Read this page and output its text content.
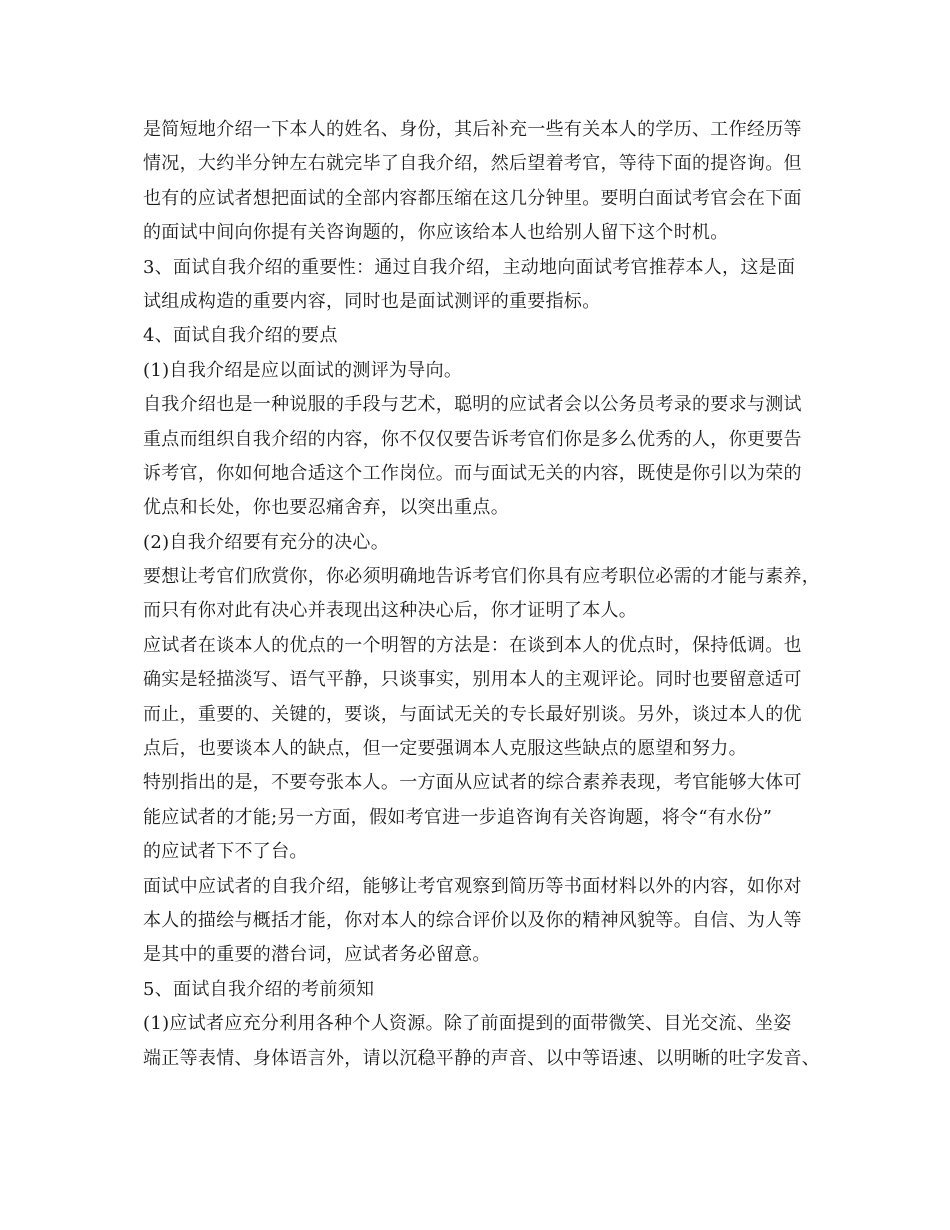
是简短地介绍一下本人的姓名、身份，其后补充一些有关本人的学历、工作经历等
情况，大约半分钟左右就完毕了自我介绍，然后望着考官，等待下面的提咨询。但
也有的应试者想把面试的全部内容都压缩在这几分钟里。要明白面试考官会在下面
的面试中间向你提有关咨询题的，你应该给本人也给别人留下这个时机。
3、面试自我介绍的重要性：通过自我介绍，主动地向面试考官推荐本人，这是面
试组成构造的重要内容，同时也是面试测评的重要指标。
4、面试自我介绍的要点
(1)自我介绍是应以面试的测评为导向。
自我介绍也是一种说服的手段与艺术，聪明的应试者会以公务员考录的要求与测试
重点而组织自我介绍的内容，你不仅仅要告诉考官们你是多么优秀的人，你更要告
诉考官，你如何地合适这个工作岗位。而与面试无关的内容，既使是你引以为荣的
优点和长处，你也要忍痛舍弃，以突出重点。
(2)自我介绍要有充分的决心。
要想让考官们欣赏你，你必须明确地告诉考官们你具有应考职位必需的才能与素养，
而只有你对此有决心并表现出这种决心后，你才证明了本人。
应试者在谈本人的优点的一个明智的方法是：在谈到本人的优点时，保持低调。也
确实是轻描淡写、语气平静，只谈事实，别用本人的主观评论。同时也要留意适可
而止，重要的、关键的，要谈，与面试无关的专长最好别谈。另外，谈过本人的优
点后，也要谈本人的缺点，但一定要强调本人克服这些缺点的愿望和努力。
特别指出的是，不要夸张本人。一方面从应试者的综合素养表现，考官能够大体可
能应试者的才能;另一方面，假如考官进一步追咨询有关咨询题，将令“有水份”
的应试者下不了台。
面试中应试者的自我介绍，能够让考官观察到简历等书面材料以外的内容，如你对
本人的描绘与概括才能，你对本人的综合评价以及你的精神风貌等。自信、为人等
是其中的重要的潜台词，应试者务必留意。
5、面试自我介绍的考前须知
(1)应试者应充分利用各种个人资源。除了前面提到的面带微笑、目光交流、坐姿
端正等表情、身体语言外，请以沉稳平静的声音、以中等语速、以明晰的吐字发音、
